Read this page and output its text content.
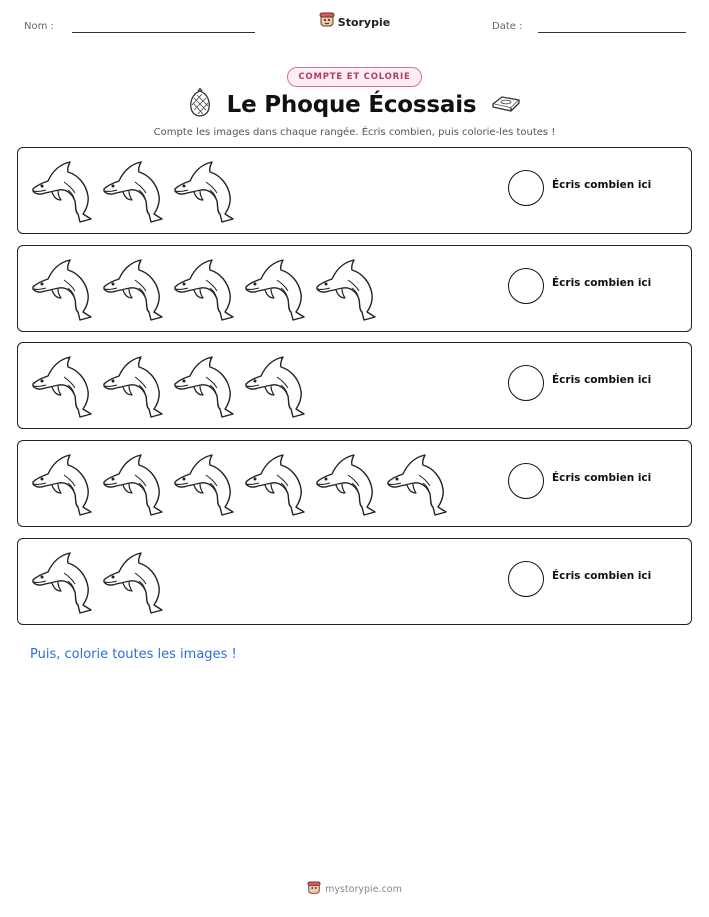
Nom :	Storypie	Date :
COMPTE ET COLORIE
Le Phoque Écossais
Compte les images dans chaque rangée. Écris combien, puis colorie-les toutes !
Écris combien ici
Écris combien ici
Écris combien ici
Écris combien ici
Écris combien ici
Puis, colorie toutes les images !
mystorypie.com
